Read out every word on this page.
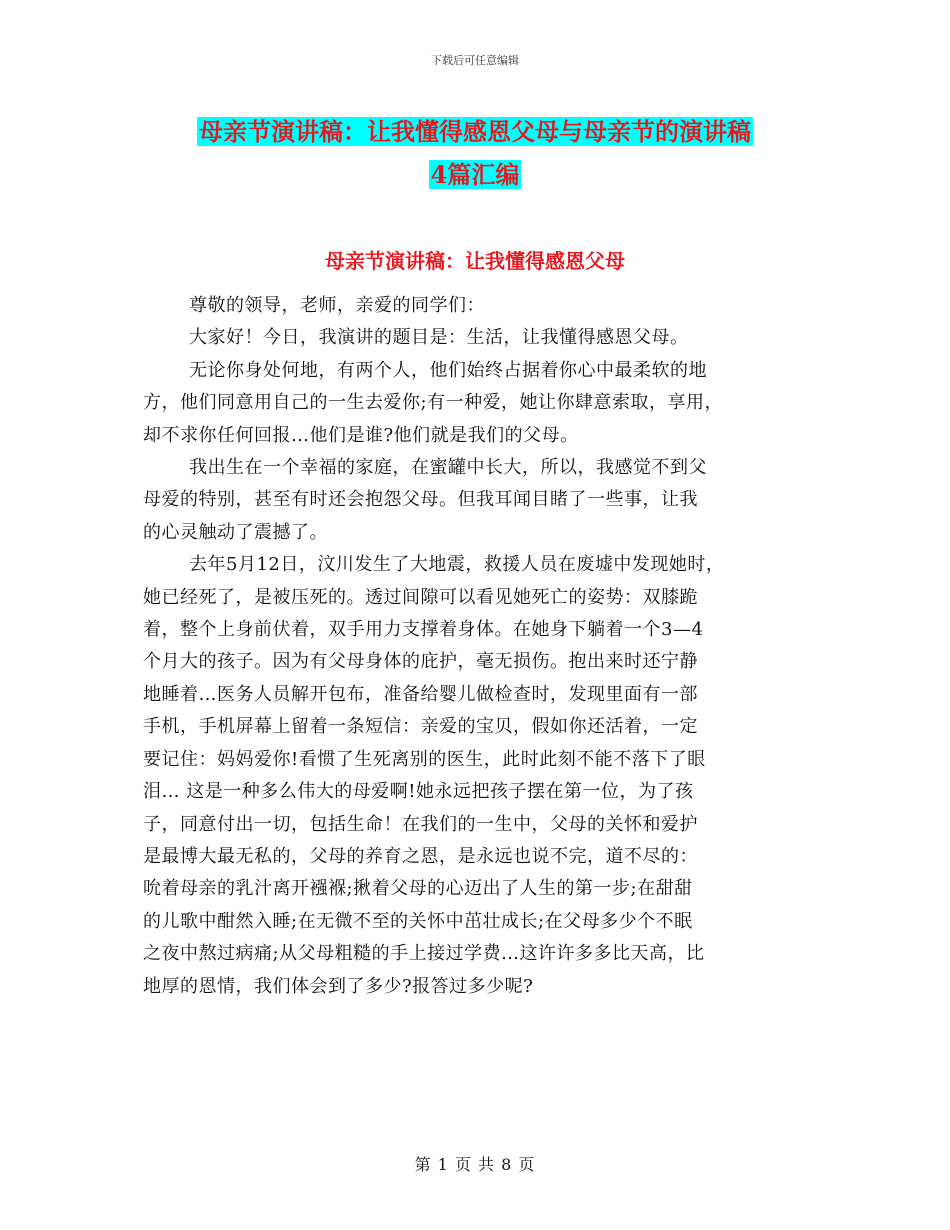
下载后可任意编辑
母亲节演讲稿：让我懂得感恩父母与母亲节的演讲稿
4篇汇编
母亲节演讲稿：让我懂得感恩父母

尊敬的领导，老师，亲爱的同学们：

大家好！今日，我演讲的题目是：生活，让我懂得感恩父母。

无论你身处何地，有两个人，他们始终占据着你心中最柔软的地

方，他们同意用自己的一生去爱你;有一种爱，她让你肆意索取，享用，

却不求你任何回报…他们是谁?他们就是我们的父母。

我出生在一个幸福的家庭，在蜜罐中长大，所以，我感觉不到父

母爱的特别，甚至有时还会抱怨父母。但我耳闻目睹了一些事，让我

的心灵触动了震撼了。

去年5月12日，汶川发生了大地震，救援人员在废墟中发现她时，

她已经死了，是被压死的。透过间隙可以看见她死亡的姿势：双膝跪

着，整个上身前伏着，双手用力支撑着身体。在她身下躺着一个3—4

个月大的孩子。因为有父母身体的庇护，毫无损伤。抱出来时还宁静

地睡着…医务人员解开包布，准备给婴儿做检查时，发现里面有一部

手机，手机屏幕上留着一条短信：亲爱的宝贝，假如你还活着，一定

要记住：妈妈爱你!看惯了生死离别的医生，此时此刻不能不落下了眼

泪… 这是一种多么伟大的母爱啊!她永远把孩子摆在第一位，为了孩

子，同意付出一切，包括生命！在我们的一生中，父母的关怀和爱护

是最博大最无私的，父母的养育之恩，是永远也说不完，道不尽的：

吮着母亲的乳汁离开襁褓;揪着父母的心迈出了人生的第一步;在甜甜

的儿歌中酣然入睡;在无微不至的关怀中茁壮成长;在父母多少个不眠

之夜中熬过病痛;从父母粗糙的手上接过学费…这许许多多比天高，比

地厚的恩情，我们体会到了多少?报答过多少呢?

第 1 页 共 8 页
